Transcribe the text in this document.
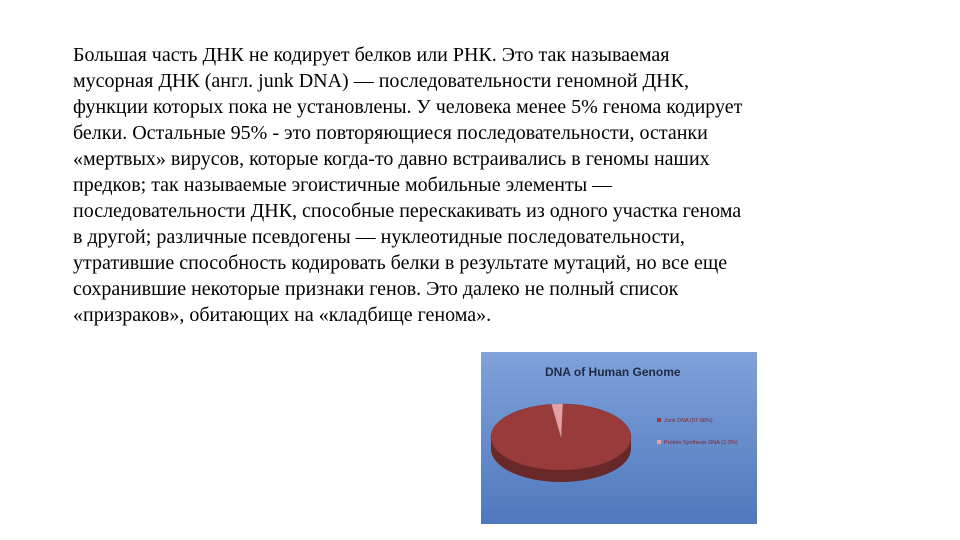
Большая часть ДНК не кодирует белков или РНК. Это так называемая
мусорная ДНК (англ. junk DNA) — последовательности геномной ДНК,
функции которых пока не установлены. У человека менее 5% генома кодирует
белки. Остальные 95% - это повторяющиеся последовательности, останки
«мертвых» вирусов, которые когда-то давно встраивались в геномы наших
предков; так называемые эгоистичные мобильные элементы —
последовательности ДНК, способные перескакивать из одного участка генома
в другой; различные псевдогены — нуклеотидные последовательности,
утратившие способность кодировать белки в результате мутаций, но все еще
сохранившие некоторые признаки генов. Это далеко не полный список
«призраков», обитающих на «кладбище генома».

DNA of Human Genome
Junk DNA (97-98%)
Protein Synthesis DNA (2-3%)
